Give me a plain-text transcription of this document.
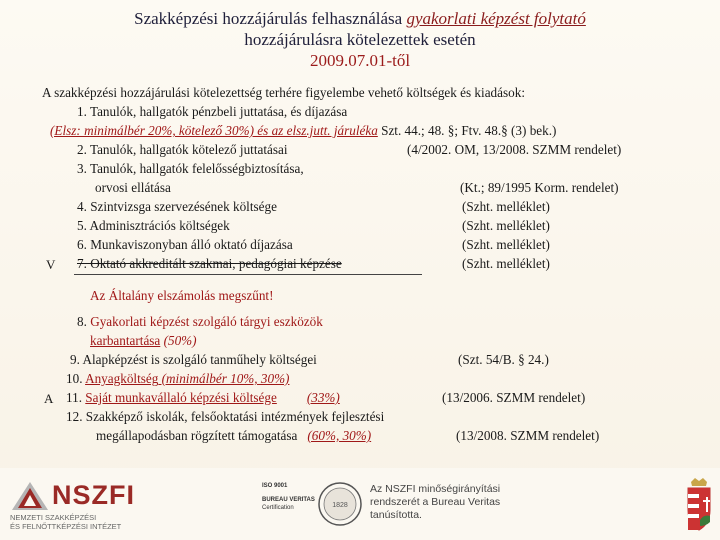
Szakképzési hozzájárulás felhasználása gyakorlati képzést folytató
hozzájárulásra kötelezettek esetén
2009.07.01-től
A szakképzési hozzájárulási kötelezettség terhére figyelembe vehető költségek és kiadások:
1. Tanulók, hallgatók pénzbeli juttatása, és díjazása
(Elsz: minimálbér 20%, kötelező 30%) és az elsz.jutt. járuléka Szt. 44.; 48. §; Ftv. 48.§ (3) bek.)
2. Tanulók, hallgatók kötelező juttatásai	(4/2002. OM, 13/2008. SZMM rendelet)
3. Tanulók, hallgatók felelősségbiztosítása,
orvosi ellátása	(Kt.; 89/1995 Korm. rendelet)
4. Szintvizsga szervezésének költsége	(Szht. melléklet)
5. Adminisztrációs költségek	(Szht. melléklet)
6. Munkaviszonyban álló oktató díjazása	(Szht. melléklet)
V 7. Oktató akkreditált szakmai, pedagógiai képzése	(Szht. melléklet)
Az Általány elszámolás megszűnt!
8. Gyakorlati képzést szolgáló tárgyi eszközök
karbantartása (50%)
9. Alapképzést is szolgáló tanműhely költségei	(Szt. 54/B. § 24.)
10. Anyagköltség (minimálbér 10%, 30%)
A 11. Saját munkavállaló képzési költsége (33%)	(13/2006. SZMM rendelet)
12. Szakképző iskolák, felsőoktatási intézmények fejlesztési
megállapodásban rögzített támogatása (60%, 30%)	(13/2008. SZMM rendelet)
NSZFI
NEMZETI SZAKKÉPZÉSI
ÉS FELNŐTTKÉPZÉSI INTÉZET
ISO 9001
BUREAU VERITAS
Certification	1828
Az NSZFI minőségirányítási
rendszerét a Bureau Veritas
tanúsította.
